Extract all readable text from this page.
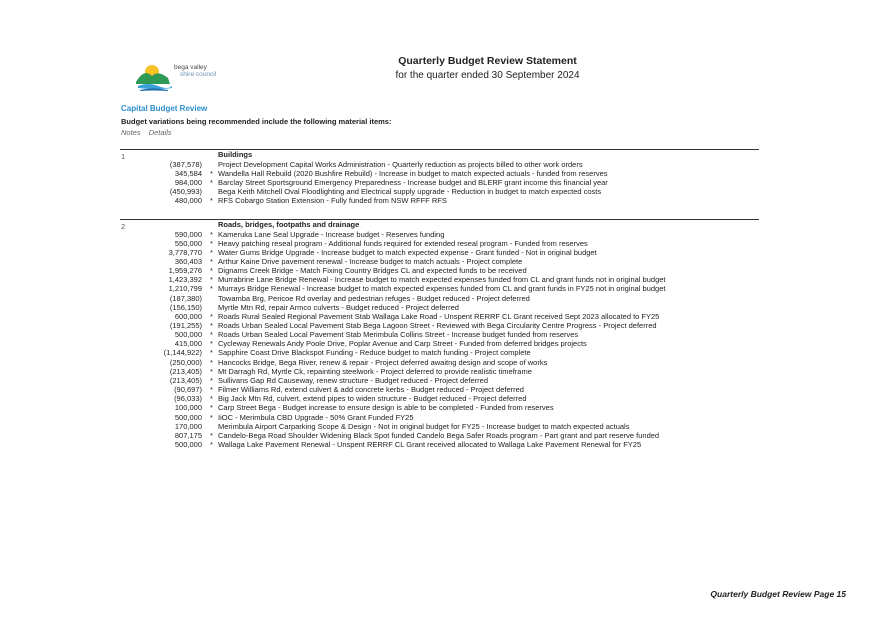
bega valley
shire council
Quarterly Budget Review Statement
for the quarter ended 30 September 2024
Capital Budget Review
Budget variations being recommended include the following material items:
Notes Details
1	Buildings
(387,578) Project Development Capital Works Administration - Quarterly reduction as projects billed to other work orders
345,584 * Wandella Hall Rebuild (2020 Bushfire Rebuild) - Increase in budget to match expected actuals - funded from reserves
984,000 * Barclay Street Sportsground Emergency Preparedness - Increase budget and BLERF grant income this financial year
(450,993) Bega Keith Mitchell Oval Floodlighting and Electrical supply upgrade - Reduction in budget to match expected costs
480,000 * RFS Cobargo Station Extension - Fully funded from NSW RFFF RFS
2	Roads, bridges, footpaths and drainage
590,000 * Kameruka Lane Seal Upgrade - Increase budget - Reserves funding
550,000 * Heavy patching reseal program - Additional funds required for extended reseal program - Funded from reserves
3,778,770 * Water Gums Bridge Upgrade - Increase budget to match expected expense - Grant funded - Not in original budget
360,403 * Arthur Kaine Drive pavement renewal - Increase budget to match actuals - Project complete
1,959,276 * Dignams Creek Bridge - Match Fixing Country Bridges CL and expected funds to be received
1,423,392 * Murrabrine Lane Bridge Renewal - Increase budget to match expected expenses funded from CL and grant funds not in original budget
1,210,799 * Murrays Bridge Renewal - Increase budget to match expected expenses funded from CL and grant funds in FY25 not in original budget
(187,380) Towamba Brg, Pericoe Rd overlay and pedestrian refuges - Budget reduced - Project deferred
(156,150) Myrtle Mtn Rd, repair Armco culverts - Budget reduced - Project deferred
600,000 * Roads Rural Sealed Regional Pavement Stab Wallaga Lake Road - Unspent RERRF CL Grant received Sept 2023 allocated to FY25
(191,255) * Roads Urban Sealed Local Pavement Stab Bega Lagoon Street - Reviewed with Bega Circularity Centre Progress - Project deferred
500,000 * Roads Urban Sealed Local Pavement Stab Merimbula Collins Street - Increase budget funded from reserves
415,000 * Cycleway Renewals Andy Poole Drive, Poplar Avenue and Carp Street - Funded from deferred bridges projects
(1,144,922) * Sapphire Coast Drive Blackspot Funding - Reduce budget to match funding - Project complete
(250,000) * Hancocks Bridge, Bega River, renew & repair - Project deferred awaitng design and scope of works
(213,405) * Mt Darragh Rd, Myrtle Ck, repainting steelwork - Project deferred to provide realistic timeframe
(213,405) * Sullivans Gap Rd Causeway, renew structure - Budget reduced - Project deferred
(90,697) * Filmer Williams Rd, extend culvert & add concrete kerbs - Budget reduced - Project deferred
(96,033) * Big Jack Mtn Rd, culvert, extend pipes to widen structure - Budget reduced - Project deferred
100,000 * Carp Street Bega - Budget increase to ensure design is able to be completed - Funded from reserves
500,000 * IiOC - Merimbula CBD Upgrade - 50% Grant Funded FY25
170,000 Merimbula Airport Carparking Scope & Design - Not in original budget for FY25 - Increase budget to match expected actuals
807,175 * Candelo-Bega Road Shoulder Widening Black Spot funded Candelo Bega Safer Roads program - Part grant and part reserve funded
500,000 * Wallaga Lake Pavement Renewal - Unspent RERRF CL Grant received allocated to Wallaga Lake Pavement Renewal for FY25
Quarterly Budget Review Page 15
